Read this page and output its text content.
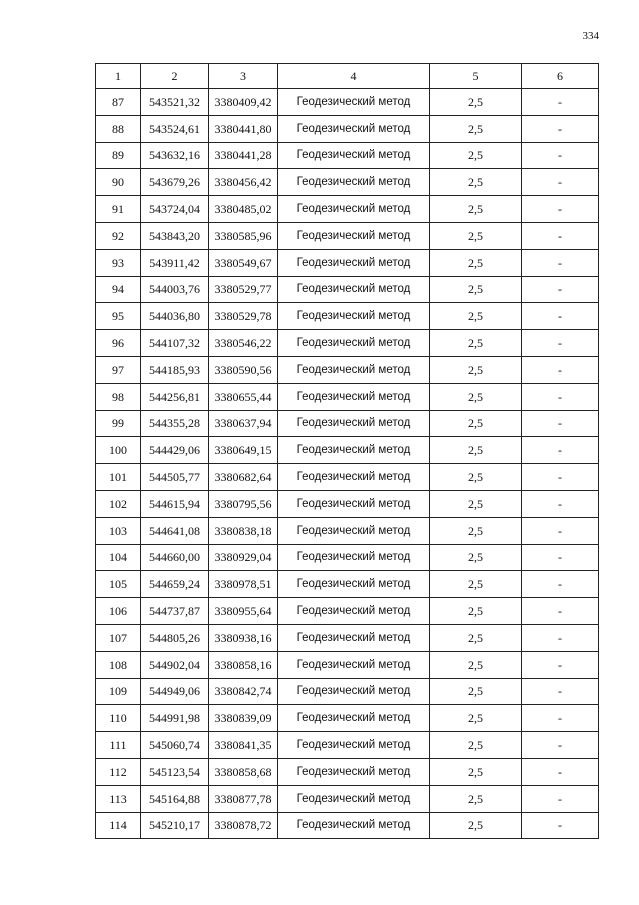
334
1	2	3	4	5	6
87	543521,32	3380409,42	Геодезический метод	2,5	-
88	543524,61	3380441,80	Геодезический метод	2,5	-
89	543632,16	3380441,28	Геодезический метод	2,5	-
90	543679,26	3380456,42	Геодезический метод	2,5	-
91	543724,04	3380485,02	Геодезический метод	2,5	-
92	543843,20	3380585,96	Геодезический метод	2,5	-
93	543911,42	3380549,67	Геодезический метод	2,5	-
94	544003,76	3380529,77	Геодезический метод	2,5	-
95	544036,80	3380529,78	Геодезический метод	2,5	-
96	544107,32	3380546,22	Геодезический метод	2,5	-
97	544185,93	3380590,56	Геодезический метод	2,5	-
98	544256,81	3380655,44	Геодезический метод	2,5	-
99	544355,28	3380637,94	Геодезический метод	2,5	-
100	544429,06	3380649,15	Геодезический метод	2,5	-
101	544505,77	3380682,64	Геодезический метод	2,5	-
102	544615,94	3380795,56	Геодезический метод	2,5	-
103	544641,08	3380838,18	Геодезический метод	2,5	-
104	544660,00	3380929,04	Геодезический метод	2,5	-
105	544659,24	3380978,51	Геодезический метод	2,5	-
106	544737,87	3380955,64	Геодезический метод	2,5	-
107	544805,26	3380938,16	Геодезический метод	2,5	-
108	544902,04	3380858,16	Геодезический метод	2,5	-
109	544949,06	3380842,74	Геодезический метод	2,5	-
110	544991,98	3380839,09	Геодезический метод	2,5	-
111	545060,74	3380841,35	Геодезический метод	2,5	-
112	545123,54	3380858,68	Геодезический метод	2,5	-
113	545164,88	3380877,78	Геодезический метод	2,5	-
114	545210,17	3380878,72	Геодезический метод	2,5	-
